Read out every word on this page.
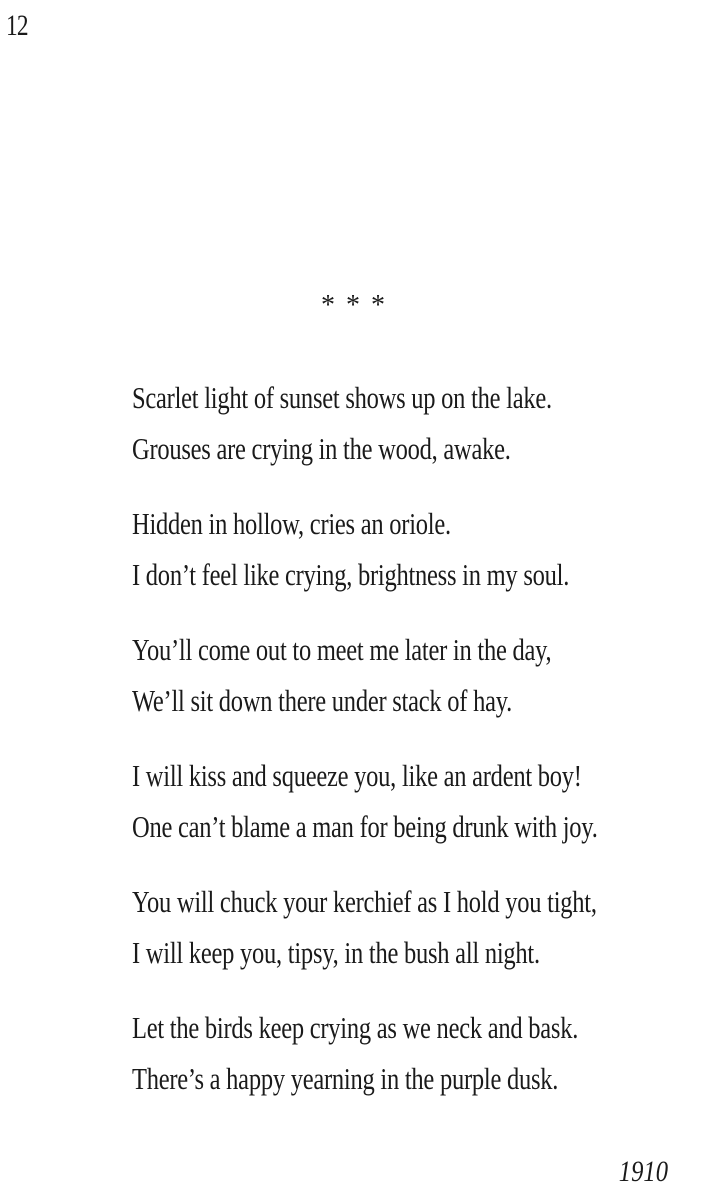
12
* * *
Scarlet light of sunset shows up on the lake.
Grouses are crying in the wood, awake.
Hidden in hollow, cries an oriole.
I don’t feel like crying, brightness in my soul.
You’ll come out to meet me later in the day,
We’ll sit down there under stack of hay.
I will kiss and squeeze you, like an ardent boy!
One can’t blame a man for being drunk with joy.
You will chuck your kerchief as I hold you tight,
I will keep you, tipsy, in the bush all night.
Let the birds keep crying as we neck and bask.
There’s a happy yearning in the purple dusk.
1910
